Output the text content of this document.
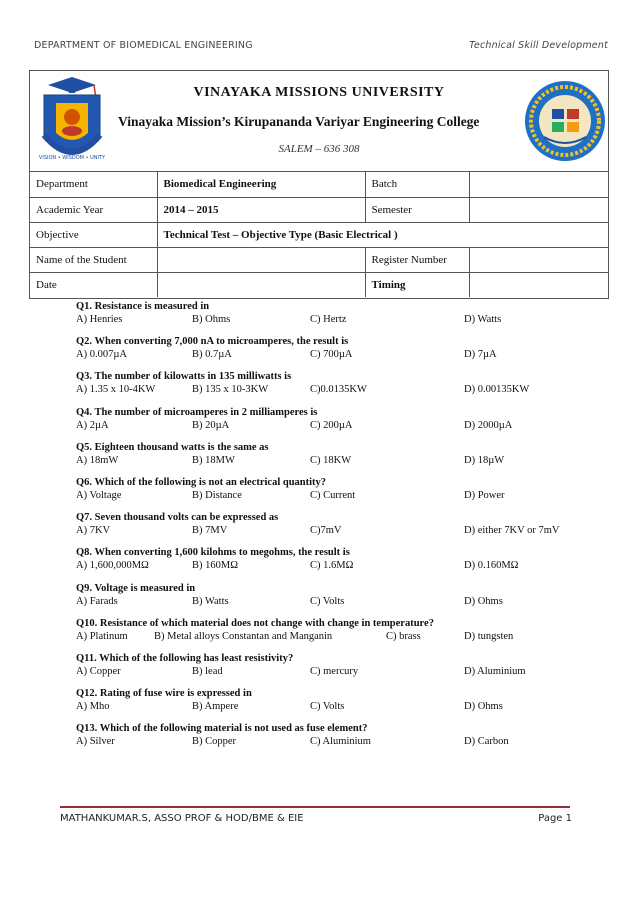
DEPARTMENT OF BIOMEDICAL ENGINEERING	Technical Skill Development
VISION • WISDOM • UNITY
VINAYAKA MISSIONS UNIVERSITY
Vinayaka Mission’s Kirupananda Variyar Engineering College
SALEM – 636 308
Department	Biomedical Engineering	Batch	
Academic Year	2014 – 2015	Semester	
Objective	Technical Test – Objective Type (Basic Electrical )		
Name of the Student		Register Number	
Date		Timing	
Q1. Resistance is measured in
A) Henries	B) Ohms	C) Hertz	D) Watts
Q2. When converting 7,000 nA to microamperes, the result is
A) 0.007µA	B) 0.7µA	C) 700µA	D) 7µA
Q3. The number of kilowatts in 135 milliwatts is
A) 1.35 x 10-4KW	B) 135 x 10-3KW	C)0.0135KW	D) 0.00135KW
Q4. The number of microamperes in 2 milliamperes is
A) 2µA	B) 20µA	C) 200µA	D) 2000µA
Q5. Eighteen thousand watts is the same as
A) 18mW	B) 18MW	C) 18KW	D) 18µW
Q6. Which of the following is not an electrical quantity?
A) Voltage	B) Distance	C) Current	D) Power
Q7. Seven thousand volts can be expressed as
A) 7KV	B) 7MV	C)7mV	D) either 7KV or 7mV
Q8. When converting 1,600 kilohms to megohms, the result is
A) 1,600,000MΩ	B) 160MΩ	C) 1.6MΩ	D) 0.160MΩ
Q9. Voltage is measured in
A) Farads	B) Watts	C) Volts	D) Ohms
Q10. Resistance of which material does not change with change in temperature?
A) Platinum	B) Metal alloys Constantan and Manganin	C) brass	D) tungsten
Q11. Which of the following has least resistivity?
A) Copper	B) lead	C) mercury	D) Aluminium
Q12. Rating of fuse wire is expressed in
A) Mho	B) Ampere	C) Volts	D) Ohms
Q13. Which of the following material is not used as fuse element?
A) Silver	B) Copper	C) Aluminium	D) Carbon
MATHANKUMAR.S, ASSO PROF & HOD/BME & EIE	Page 1
